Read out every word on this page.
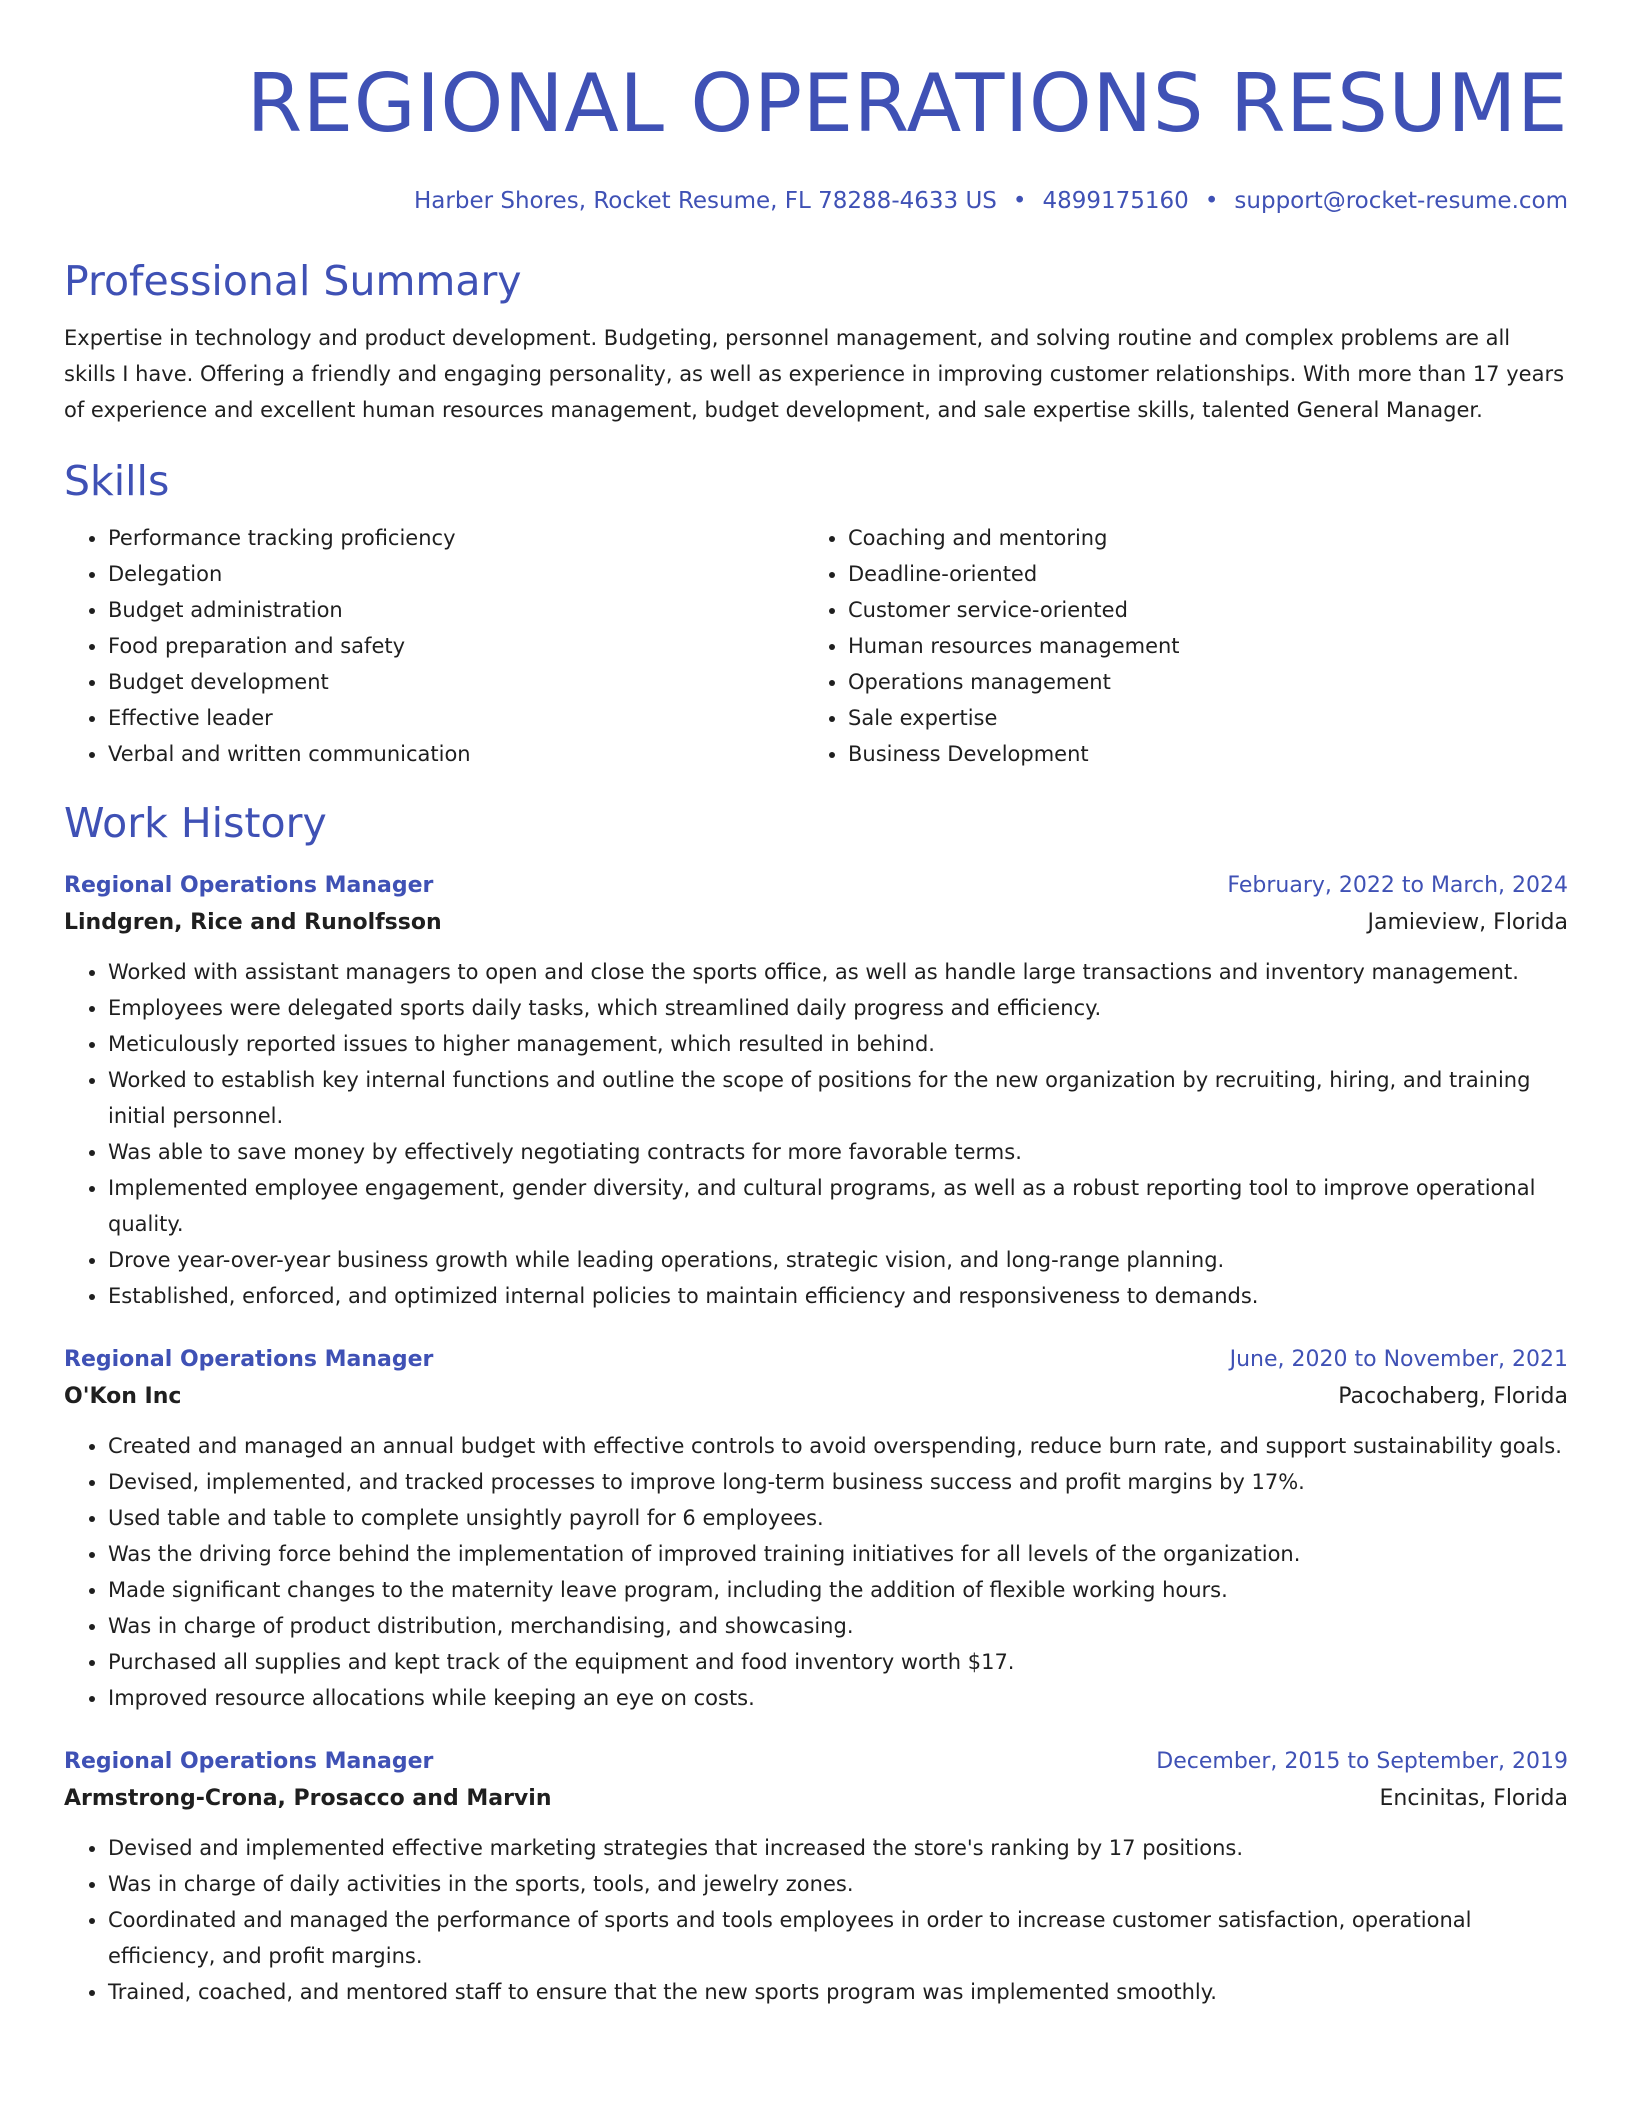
REGIONAL OPERATIONS RESUME
Harber Shores, Rocket Resume, FL 78288-4633 US • 4899175160 • support@rocket-resume.com
Professional Summary
Expertise in technology and product development. Budgeting, personnel management, and solving routine and complex problems are all skills I have. Offering a friendly and engaging personality, as well as experience in improving customer relationships. With more than 17 years of experience and excellent human resources management, budget development, and sale expertise skills, talented General Manager.
Skills
• Performance tracking proficiency
• Delegation
• Budget administration
• Food preparation and safety
• Budget development
• Effective leader
• Verbal and written communication
• Coaching and mentoring
• Deadline-oriented
• Customer service-oriented
• Human resources management
• Operations management
• Sale expertise
• Business Development
Work History
Regional Operations Manager	February, 2022 to March, 2024
Lindgren, Rice and Runolfsson	Jamieview, Florida
• Worked with assistant managers to open and close the sports office, as well as handle large transactions and inventory management.
• Employees were delegated sports daily tasks, which streamlined daily progress and efficiency.
• Meticulously reported issues to higher management, which resulted in behind.
• Worked to establish key internal functions and outline the scope of positions for the new organization by recruiting, hiring, and training initial personnel.
• Was able to save money by effectively negotiating contracts for more favorable terms.
• Implemented employee engagement, gender diversity, and cultural programs, as well as a robust reporting tool to improve operational quality.
• Drove year-over-year business growth while leading operations, strategic vision, and long-range planning.
• Established, enforced, and optimized internal policies to maintain efficiency and responsiveness to demands.
Regional Operations Manager	June, 2020 to November, 2021
O'Kon Inc	Pacochaberg, Florida
• Created and managed an annual budget with effective controls to avoid overspending, reduce burn rate, and support sustainability goals.
• Devised, implemented, and tracked processes to improve long-term business success and profit margins by 17%.
• Used table and table to complete unsightly payroll for 6 employees.
• Was the driving force behind the implementation of improved training initiatives for all levels of the organization.
• Made significant changes to the maternity leave program, including the addition of flexible working hours.
• Was in charge of product distribution, merchandising, and showcasing.
• Purchased all supplies and kept track of the equipment and food inventory worth $17.
• Improved resource allocations while keeping an eye on costs.
Regional Operations Manager	December, 2015 to September, 2019
Armstrong-Crona, Prosacco and Marvin	Encinitas, Florida
• Devised and implemented effective marketing strategies that increased the store's ranking by 17 positions.
• Was in charge of daily activities in the sports, tools, and jewelry zones.
• Coordinated and managed the performance of sports and tools employees in order to increase customer satisfaction, operational efficiency, and profit margins.
• Trained, coached, and mentored staff to ensure that the new sports program was implemented smoothly.
